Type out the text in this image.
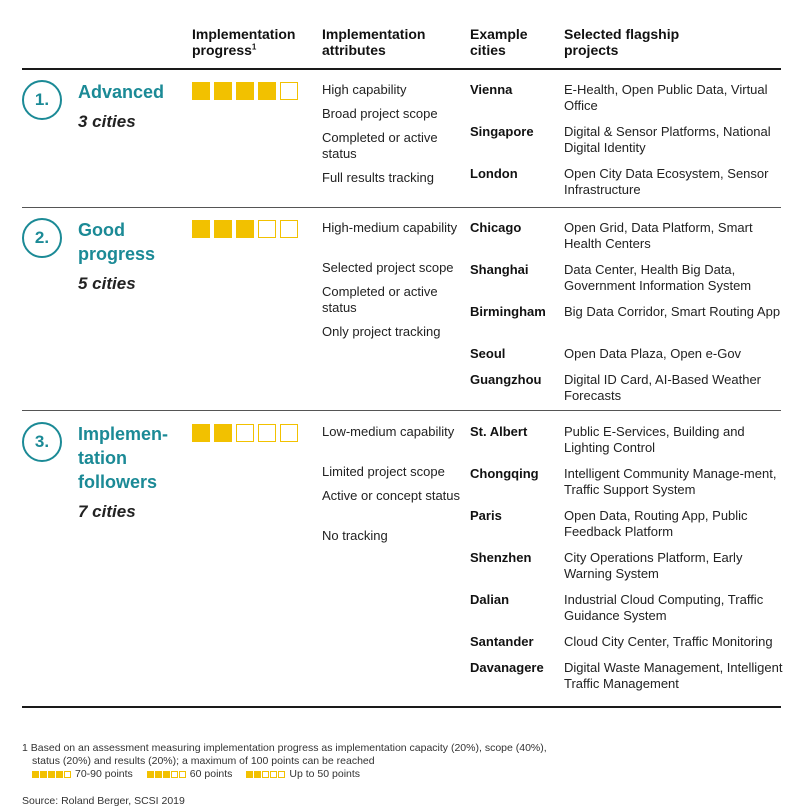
Implementation progress$^1$
Implementation attributes
Example cities
Selected flagship projects
1.	Advanced
3 cities
High capability
Broad project scope
Completed or active status
Full results tracking
Vienna	E-Health, Open Public Data, Virtual Office
Singapore Digital & Sensor Platforms, National Digital Identity
London	Open City Data Ecosystem, Sensor Infrastructure
2.	Good progress
5 cities
High-medium capability
Selected project scope
Completed or active status
Only project tracking
Chicago	Open Grid, Data Platform, Smart Health Centers
Shanghai	Data Center, Health Big Data, Government Information System
Birmingham Big Data Corridor, Smart Routing App
Seoul	Open Data Plaza, Open e-Gov
Guangzhou Digital ID Card, AI-Based Weather Forecasts
3.	Implemen-tation followers
7 cities
Low-medium capability
Limited project scope
Active or concept status
No tracking
St. Albert	Public E-Services, Building and Lighting Control
Chongqing Intelligent Community Manage-ment, Traffic Support System
Paris	Open Data, Routing App, Public Feedback Platform
Shenzhen	City Operations Platform, Early Warning System
Dalian	Industrial Cloud Computing, Traffic Guidance System
Santander Cloud City Center, Traffic Monitoring
Davanagere Digital Waste Management, Intelligent Traffic Management
1 Based on an assessment measuring implementation progress as implementation capacity (20%), scope (40%),
status (20%) and results (20%); a maximum of 100 points can be reached
70-90 points	60 points	Up to 50 points
Source: Roland Berger, SCSI 2019
